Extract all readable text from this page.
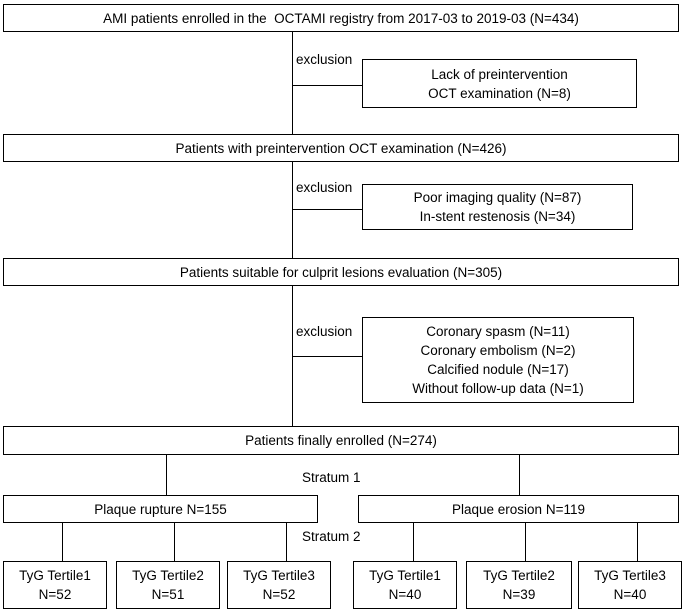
AMI patients enrolled in the  OCTAMI registry from 2017-03 to 2019-03 (N=434)
exclusion
Lack of preintervention
OCT examination (N=8)
Patients with preintervention OCT examination (N=426)
exclusion
Poor imaging quality (N=87)
In-stent restenosis (N=34)
Patients suitable for culprit lesions evaluation (N=305)
exclusion	Coronary spasm (N=11)
Coronary embolism (N=2)
Calcified nodule (N=17)
Without follow-up data (N=1)
Patients finally enrolled (N=274)
Stratum 1
Plaque rupture N=155	Plaque erosion N=119
Stratum 2
TyG Tertile1
N=52
TyG Tertile2
N=51
TyG Tertile3
N=52
TyG Tertile1
N=40
TyG Tertile2
N=39
TyG Tertile3
N=40
